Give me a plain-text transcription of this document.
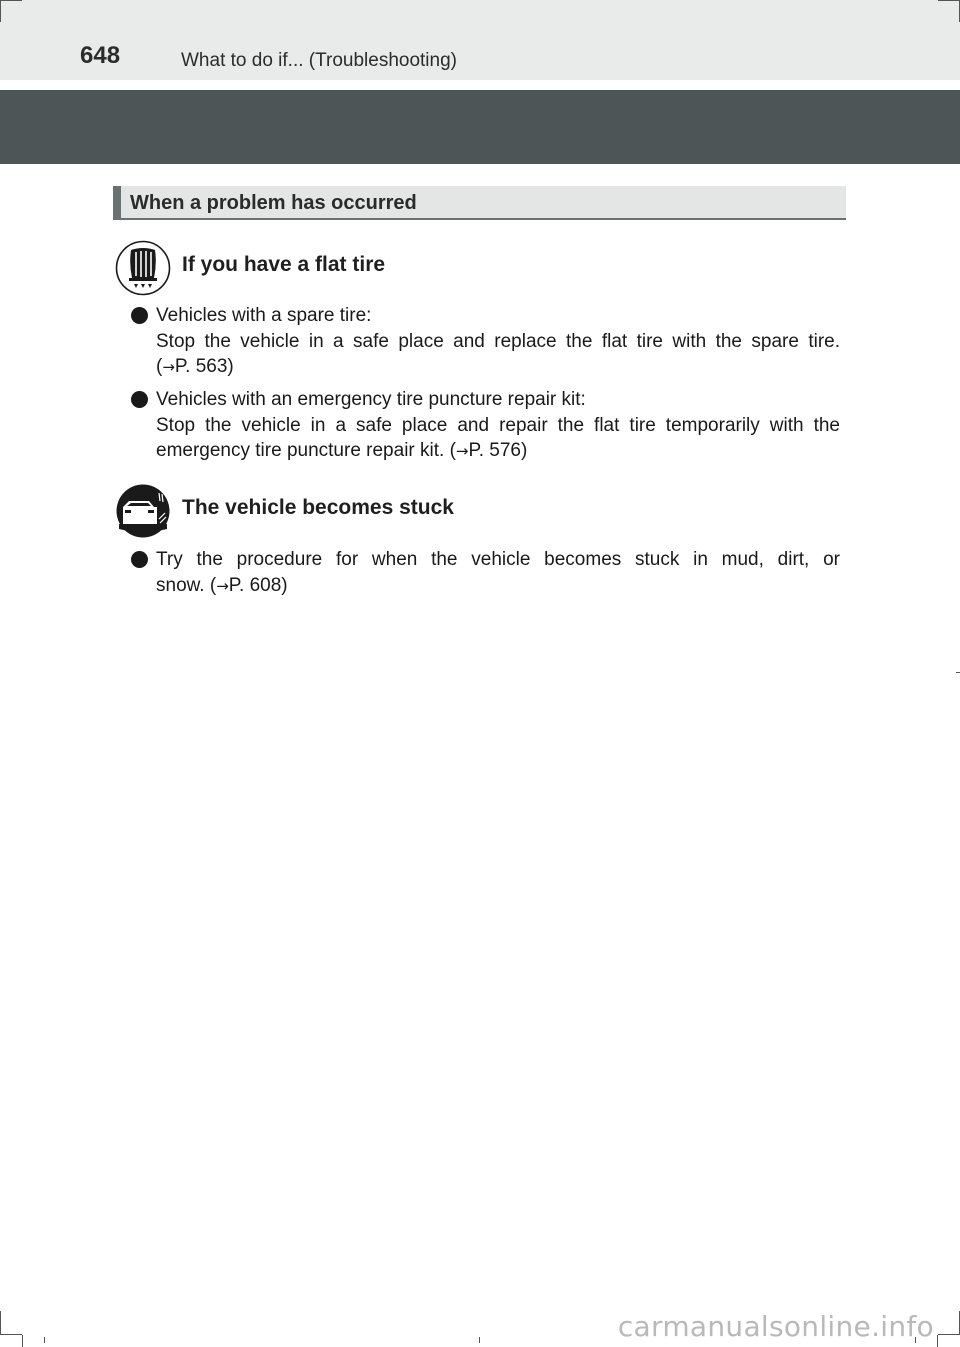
648	What to do if... (Troubleshooting)
When a problem has occurred
If you have a flat tire
Vehicles with a spare tire:
Stop the vehicle in a safe place and replace the flat tire with the spare tire.
(→P. 563)
Vehicles with an emergency tire puncture repair kit:
Stop the vehicle in a safe place and repair the flat tire temporarily with the
emergency tire puncture repair kit. (→P. 576)
The vehicle becomes stuck
Try the procedure for when the vehicle becomes stuck in mud, dirt, or
snow. (→P. 608)
carmanualsonline.info
